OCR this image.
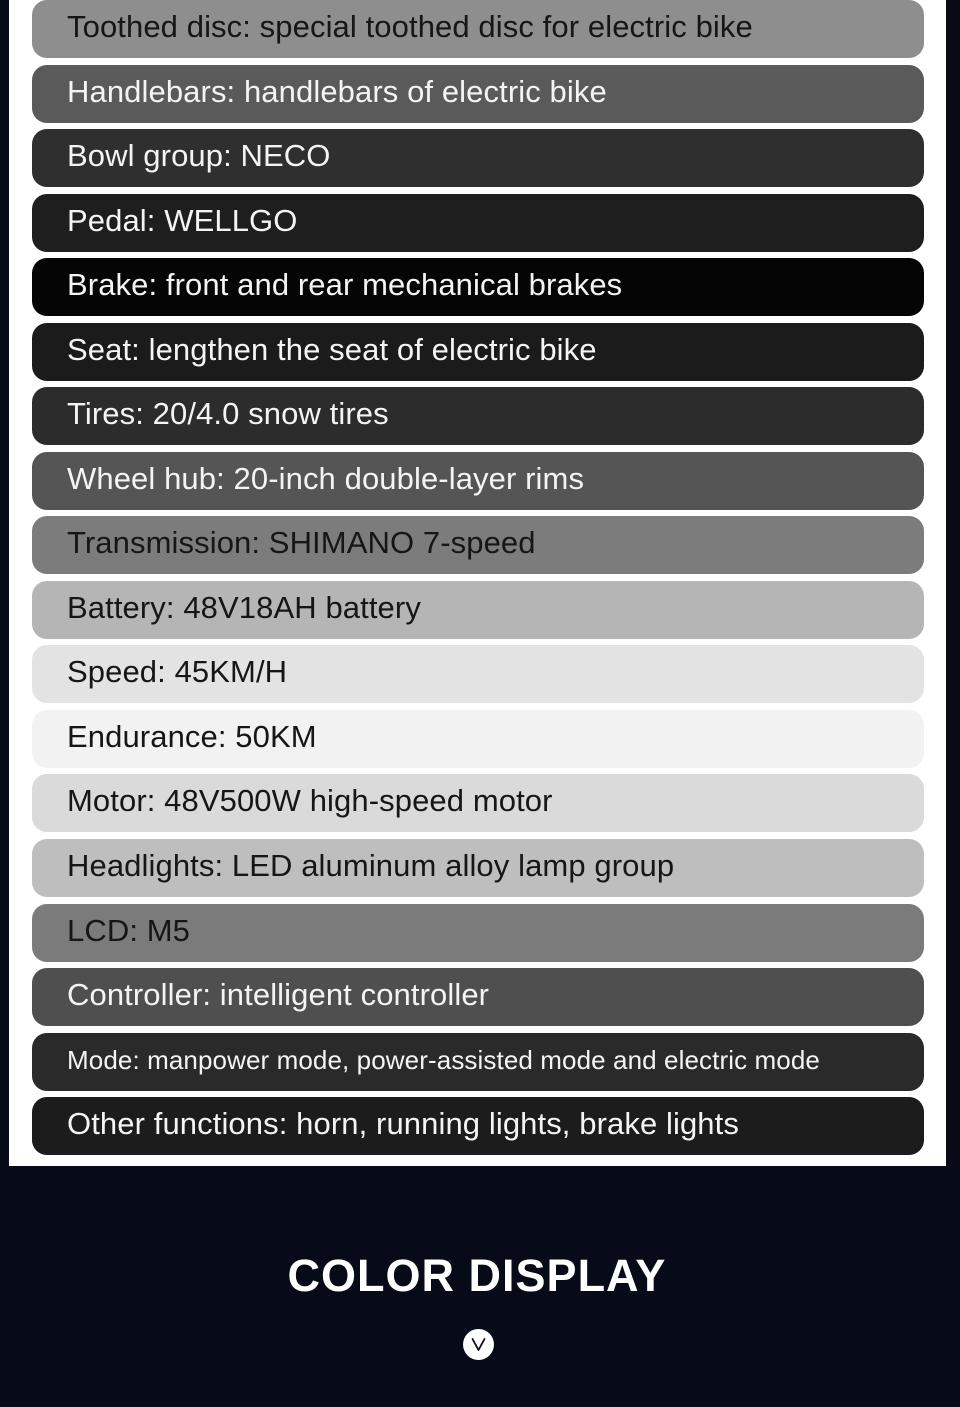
Toothed disc: special toothed disc for electric bike
Handlebars: handlebars of electric bike
Bowl group: NECO
Pedal: WELLGO
Brake: front and rear mechanical brakes
Seat: lengthen the seat of electric bike
Tires: 20/4.0 snow tires
Wheel hub: 20-inch double-layer rims
Transmission: SHIMANO 7-speed
Battery: 48V18AH battery
Speed: 45KM/H
Endurance: 50KM
Motor: 48V500W high-speed motor
Headlights: LED aluminum alloy lamp group
LCD: M5
Controller: intelligent controller
Mode: manpower mode, power-assisted mode and electric mode
Other functions: horn, running lights, brake lights
COLOR DISPLAY
